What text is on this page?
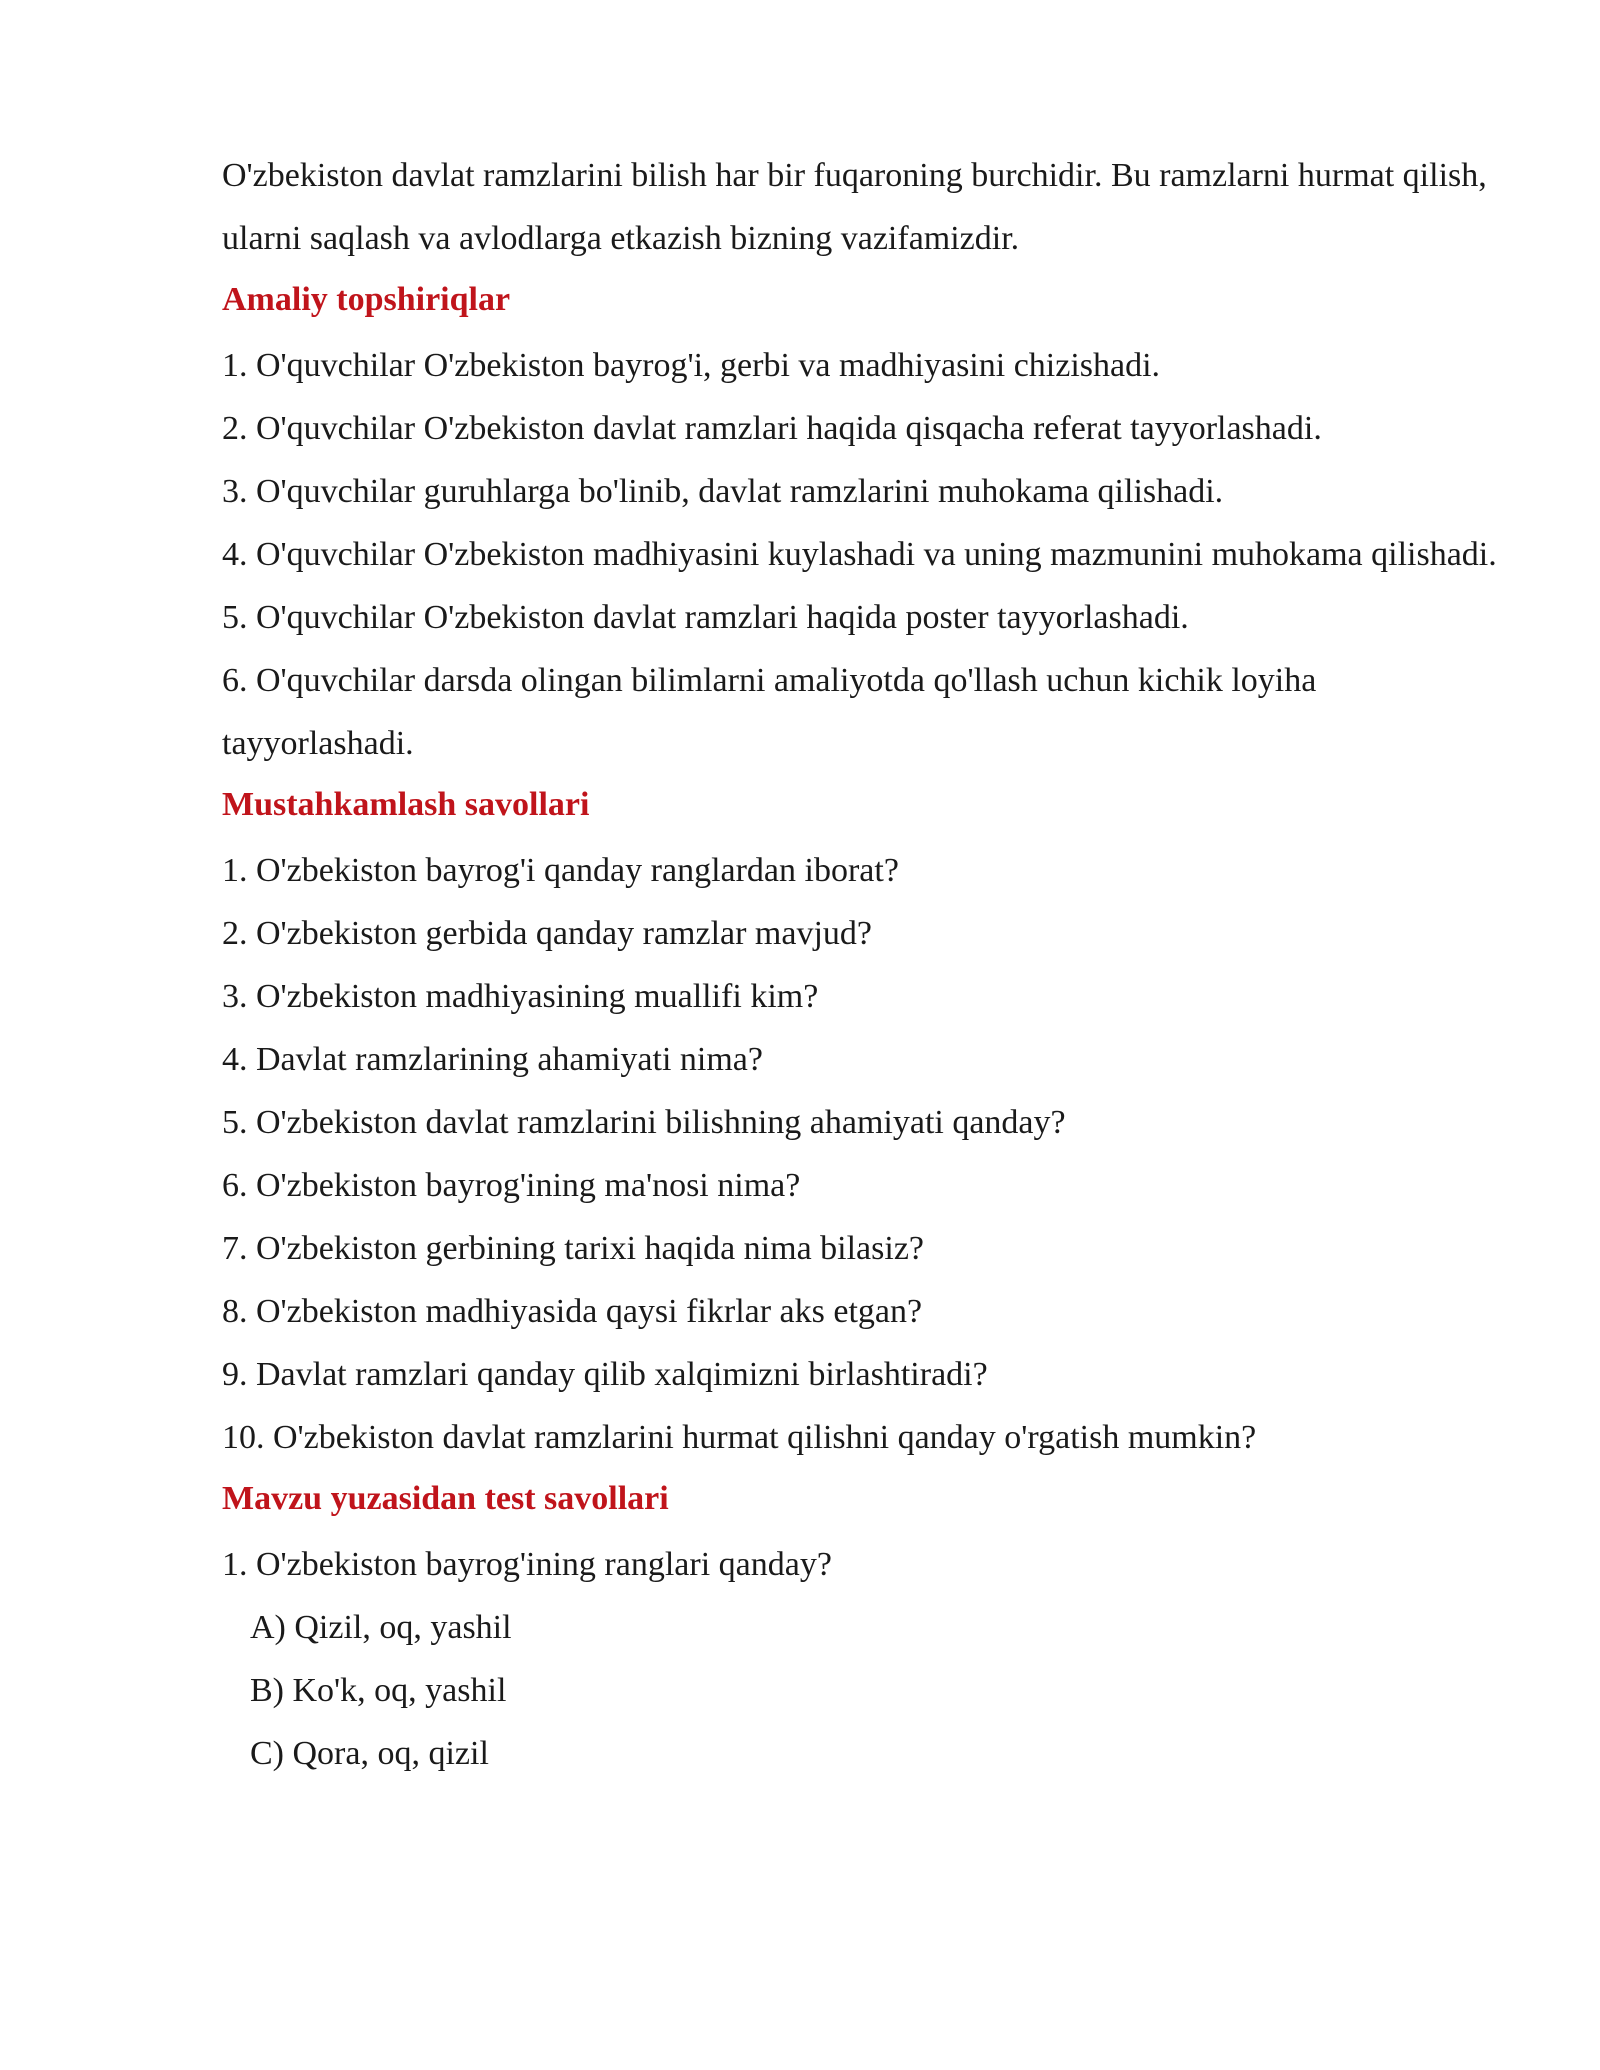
O'zbekiston davlat ramzlarini bilish har bir fuqaroning burchidir. Bu ramzlarni hurmat qilish, ularni saqlash va avlodlarga etkazish bizning vazifamizdir.

Amaliy topshiriqlar
1. O'quvchilar O'zbekiston bayrog'i, gerbi va madhiyasini chizishadi.
2. O'quvchilar O'zbekiston davlat ramzlari haqida qisqacha referat tayyorlashadi.
3. O'quvchilar guruhlarga bo'linib, davlat ramzlarini muhokama qilishadi.
4. O'quvchilar O'zbekiston madhiyasini kuylashadi va uning mazmunini muhokama qilishadi.
5. O'quvchilar O'zbekiston davlat ramzlari haqida poster tayyorlashadi.
6. O'quvchilar darsda olingan bilimlarni amaliyotda qo'llash uchun kichik loyiha tayyorlashadi.
Mustahkamlash savollari
1. O'zbekiston bayrog'i qanday ranglardan iborat?
2. O'zbekiston gerbida qanday ramzlar mavjud?
3. O'zbekiston madhiyasining muallifi kim?
4. Davlat ramzlarining ahamiyati nima?
5. O'zbekiston davlat ramzlarini bilishning ahamiyati qanday?
6. O'zbekiston bayrog'ining ma'nosi nima?
7. O'zbekiston gerbining tarixi haqida nima bilasiz?
8. O'zbekiston madhiyasida qaysi fikrlar aks etgan?
9. Davlat ramzlari qanday qilib xalqimizni birlashtiradi?
10. O'zbekiston davlat ramzlarini hurmat qilishni qanday o'rgatish mumkin?
Mavzu yuzasidan test savollari
1. O'zbekiston bayrog'ining ranglari qanday?
A) Qizil, oq, yashil
B) Ko'k, oq, yashil
C) Qora, oq, qizil
